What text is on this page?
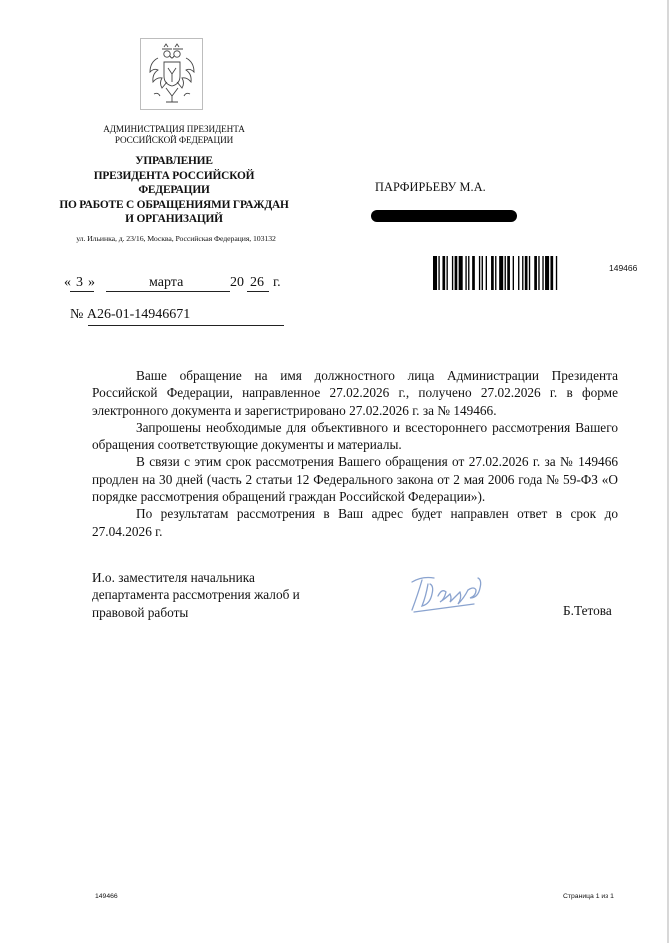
АДМИНИСТРАЦИЯ ПРЕЗИДЕНТА
РОССИЙСКОЙ ФЕДЕРАЦИИ
УПРАВЛЕНИЕ
ПРЕЗИДЕНТА РОССИЙСКОЙ ФЕДЕРАЦИИ
ПО РАБОТЕ С ОБРАЩЕНИЯМИ ГРАЖДАН
И ОРГАНИЗАЦИЙ
ул. Ильинка, д. 23/16, Москва, Российская Федерация, 103132
ПАРФИРЬЕВУ М.А.
149466
« 3 »	марта	20 26 г.
№ А26-01-14946671

Ваше обращение на имя должностного лица Администрации Президента Российской Федерации, направленное 27.02.2026 г., получено 27.02.2026 г. в форме электронного документа и зарегистрировано 27.02.2026 г. за № 149466.

Запрошены необходимые для объективного и всестороннего рассмотрения Вашего обращения соответствующие документы и материалы.

В связи с этим срок рассмотрения Вашего обращения от 27.02.2026 г. за № 149466 продлен на 30 дней (часть 2 статьи 12 Федерального закона от 2 мая 2006 года № 59-ФЗ «О порядке рассмотрения обращений граждан Российской Федерации»).

По результатам рассмотрения в Ваш адрес будет направлен ответ в срок до 27.04.2026 г.

И.о. заместителя начальника
департамента рассмотрения жалоб и
правовой работы	Б.Тетова
149466	Страница 1 из 1
